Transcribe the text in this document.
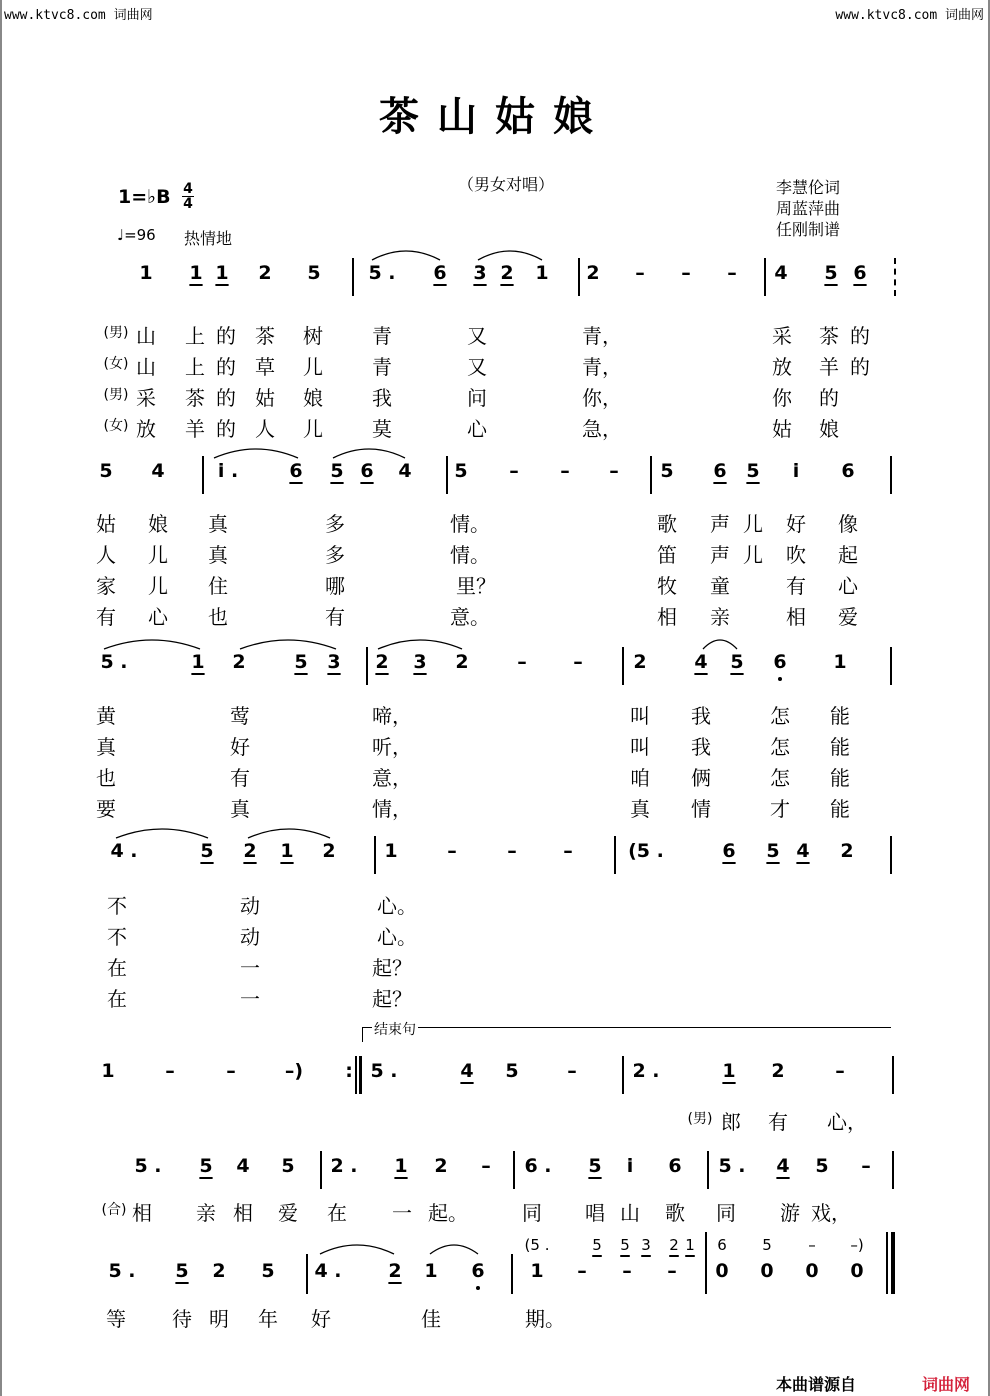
www.ktvc8.com 词曲网	www.ktvc8.com 词曲网
茶山姑娘
（男女对唱）
1=♭B 4
4
♩=96 热情地
李慧伦词
周蓝萍曲
任刚制谱
1 1 1 2 5	5 . 6 3 2 1 2 – – – 4 5 6
(男) 山 上 的 茶 树 青	又	青，	采 茶 的
(女) 山 上 的 草 儿 青	又	青，	放 羊 的
(男) 采 茶 的 姑 娘 我	问	你，	你 的
(女) 放 羊 的 人 儿 莫	心	急，	姑 娘
5 4	i .	6 5 6 4 5 – – – 5 6 5 i 6
姑 娘 真	多	情。	歌 声 儿 好 像
人 儿 真	多	情。	笛 声 儿 吹 起
家 儿 住	哪	里？	牧 童	有 心
有 心 也	有	意。	相 亲	相 爱
5 .	1 2	5 3 2 3 2	– –	2	4 5 6 1
黄	莺	啼，	叫 我	怎 能
真	好	听，	叫 我	怎 能
也	有	意，	咱 俩	怎 能
要	真	情，	真 情	才 能
4 .	5 2 1 2	1	–	– –	(5 .	6 5 4 2
不	动	心。
不	动	心。
在	一	起？
在	一	起？
结束句
1	–	–	–) : 5 .	4 5	–	2 .	1 2	–
(男) 郎 有 心，
5 . 5 4 5 2 . 1 2 – 6 . 5 i 6 5 . 4 5 –
(合) 相 亲 相 爱 在 一 起。	同 唱 山 歌 同 游 戏，
5 . 5 2 5 4 . 2 1 6 1 – – – 0 0 0 0
(5 .	5 5 3 2 1 6 5 – –)
等 待 明 年 好	佳	期。
本曲谱源自	词曲网
